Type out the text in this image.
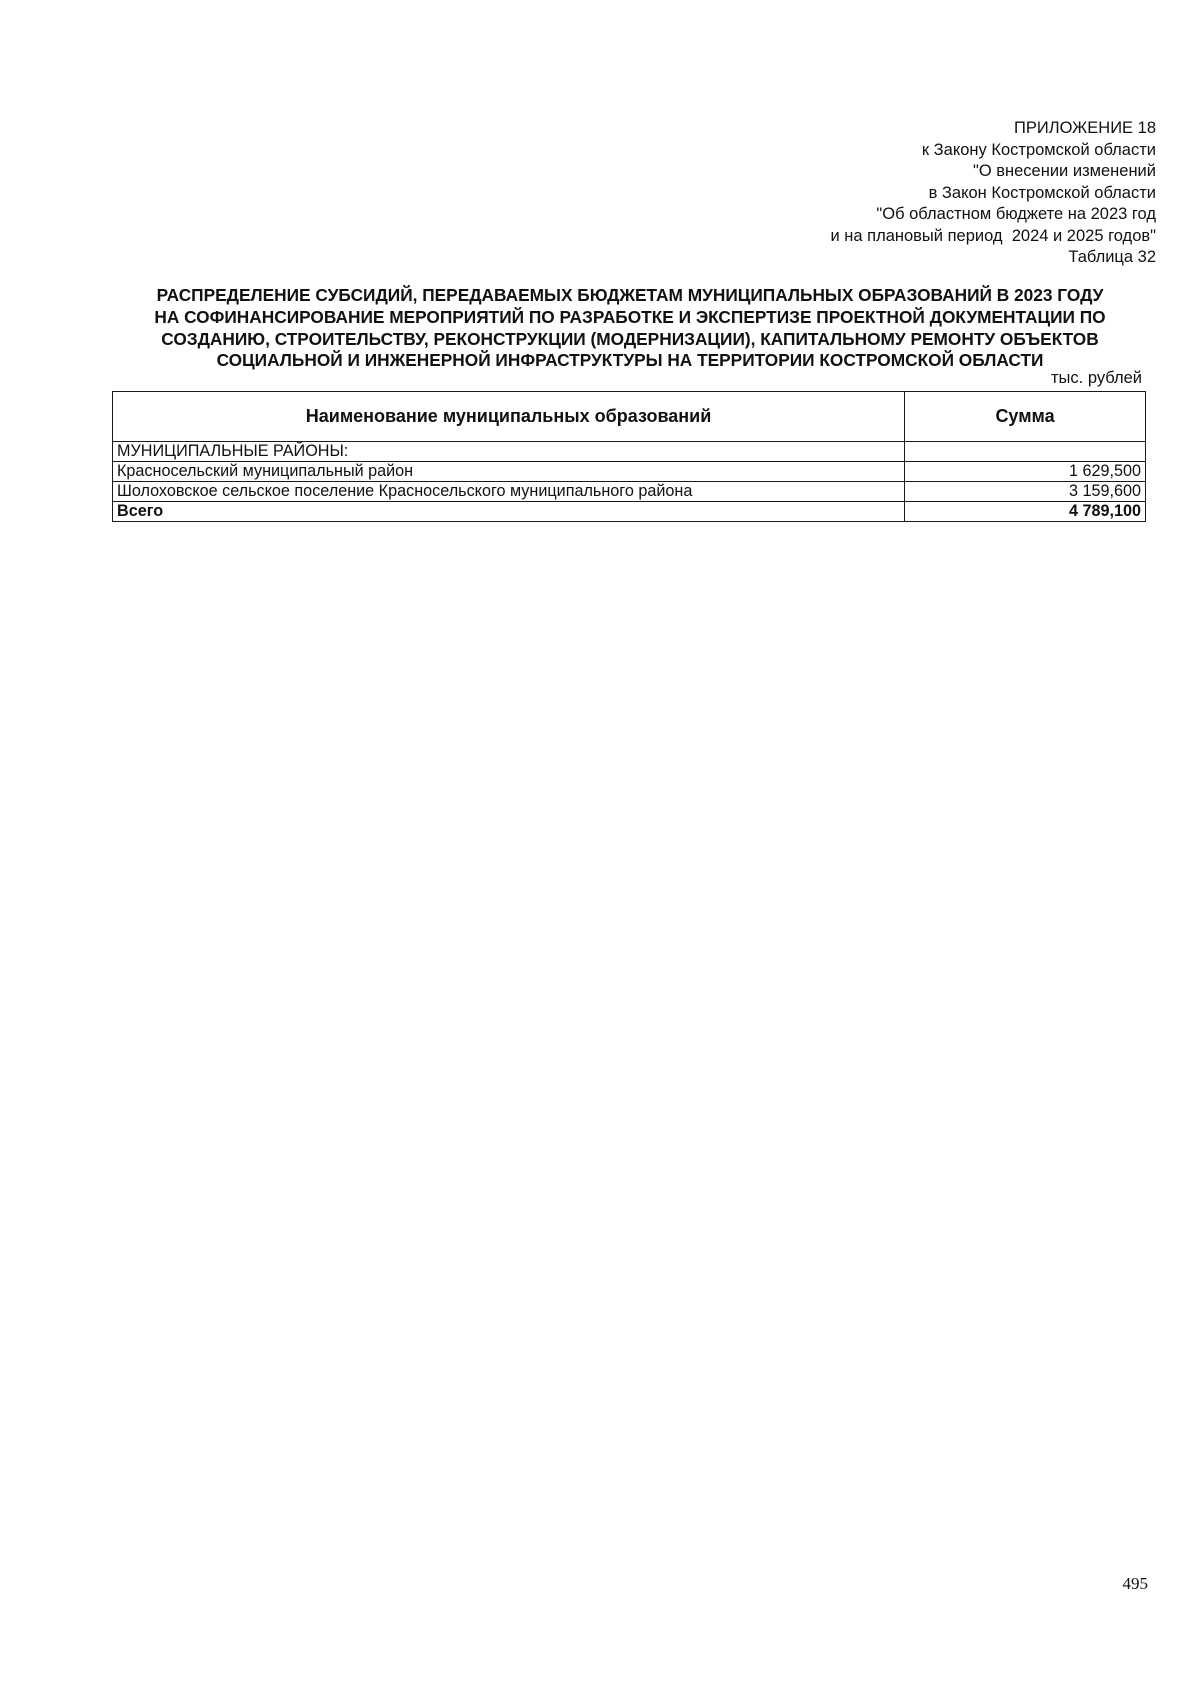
ПРИЛОЖЕНИЕ 18
к Закону Костромской области
"О внесении изменений
в Закон Костромской области
"Об областном бюджете на 2023 год
и на плановый период  2024 и 2025 годов"
Таблица 32
РАСПРЕДЕЛЕНИЕ СУБСИДИЙ, ПЕРЕДАВАЕМЫХ БЮДЖЕТАМ МУНИЦИПАЛЬНЫХ ОБРАЗОВАНИЙ В 2023 ГОДУ
НА СОФИНАНСИРОВАНИЕ МЕРОПРИЯТИЙ ПО РАЗРАБОТКЕ И ЭКСПЕРТИЗЕ ПРОЕКТНОЙ ДОКУМЕНТАЦИИ ПО
СОЗДАНИЮ, СТРОИТЕЛЬСТВУ, РЕКОНСТРУКЦИИ (МОДЕРНИЗАЦИИ), КАПИТАЛЬНОМУ РЕМОНТУ ОБЪЕКТОВ
СОЦИАЛЬНОЙ И ИНЖЕНЕРНОЙ ИНФРАСТРУКТУРЫ НА ТЕРРИТОРИИ КОСТРОМСКОЙ ОБЛАСТИ
тыс. рублей
Наименование муниципальных образований	Сумма
МУНИЦИПАЛЬНЫЕ РАЙОНЫ:	
Красносельский муниципальный район	1 629,500
Шолоховское сельское поселение Красносельского муниципального района	3 159,600
Всего	4 789,100
495
